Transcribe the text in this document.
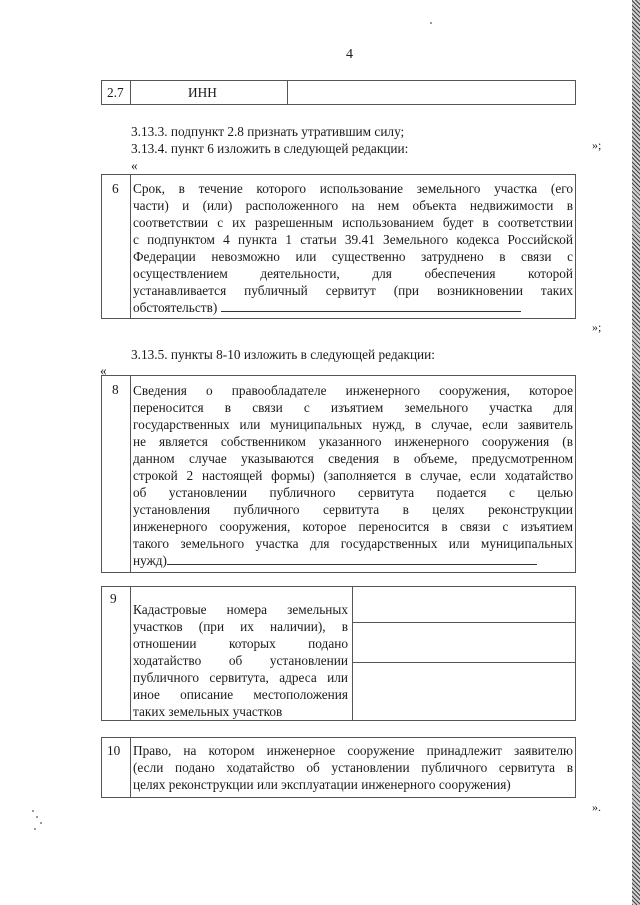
4
2.7	ИНН
»;
3.13.3. подпункт 2.8 признать утратившим силу;
3.13.4. пункт 6 изложить в следующей редакции:
«
6 Срок, в течение которого использование земельного участка (его
части) и (или) расположенного на нем объекта недвижимости в
соответствии с их разрешенным использованием будет в соответствии
с подпунктом 4 пункта 1 статьи 39.41 Земельного кодекса Российской
Федерации невозможно или существенно затруднено в связи с
осуществлением деятельности, для обеспечения которой
устанавливается публичный сервитут (при возникновении таких
обстоятельств)
»;
3.13.5. пункты 8-10 изложить в следующей редакции:
«
8 Сведения о правообладателе инженерного сооружения, которое
переносится в связи с изъятием земельного участка для
государственных или муниципальных нужд, в случае, если заявитель
не является собственником указанного инженерного сооружения (в
данном случае указываются сведения в объеме, предусмотренном
строкой 2 настоящей формы) (заполняется в случае, если ходатайство
об установлении публичного сервитута подается с целью
установления публичного сервитута в целях реконструкции
инженерного сооружения, которое переносится в связи с изъятием
такого земельного участка для государственных или муниципальных
нужд)
9
Кадастровые номера земельных
участков (при их наличии), в
отношении которых подано
ходатайство об установлении
публичного сервитута, адреса или
иное описание местоположения
таких земельных участков
10 Право, на котором инженерное сооружение принадлежит заявителю
(если подано ходатайство об установлении публичного сервитута в
целях реконструкции или эксплуатации инженерного сооружения)
».
